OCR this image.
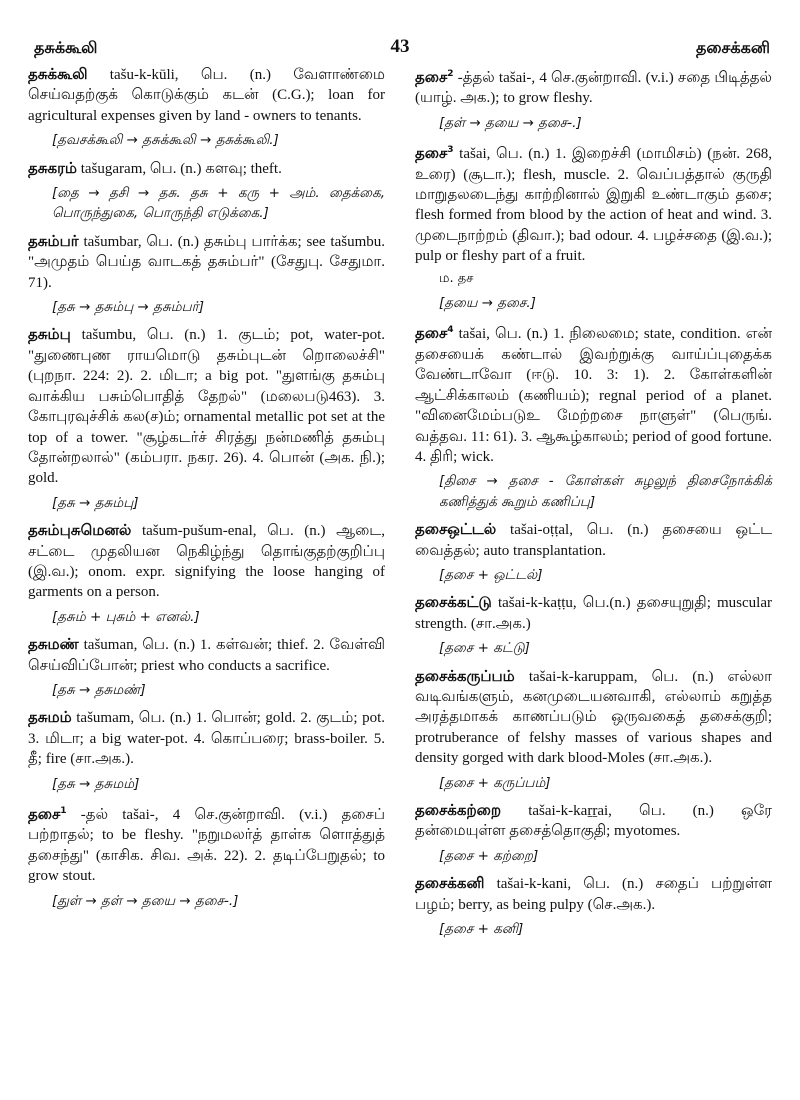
தசுக்கூலி	43	தசைக்கனி
தசுக்கூலி tašu-k-kūli, பெ. (n.) வேளாண்மை செய்வதற்குக் கொடுக்கும் கடன் (C.G.); loan for agricultural expenses given by land - owners to tenants.
[தவசக்கூலி → தசுக்கூலி → தசுக்கூலி.]
தசுகரம் tašugaram, பெ. (n.) களவு; theft.
[தை → தசி → தசு. தசு + கரு + அம். தைக்கை, பொருந்துகை, பொருந்தி எடுக்கை.]
தசும்பர் tašumbar, பெ. (n.) தசும்பு பார்க்க; see tašumbu. "அமுதம் பெய்த வாடகத் தசும்பர்" (சேதுபு. சேதுமா. 71).
[தசு → தசும்பு → தசும்பர்]
தசும்பு tašumbu, பெ. (n.) 1. குடம்; pot, water-pot. "துணைபுண ராயமொடு தசும்புடன் றொலைச்சி" (புறநா. 224: 2). 2. மிடா; a big pot. "துளங்கு தசும்பு வாக்கிய பசும்பொதித் தேறல்" (மலைபடு463). 3. கோபுரவுச்சிக் கல(ச)ம்; ornamental metallic pot set at the top of a tower. "சூழ்கடர்ச் சிரத்து நன்மணித் தசும்பு தோன்றலால்" (கம்பரா. நகர. 26). 4. பொன் (அக. நி.); gold.
[தசு → தசும்பு]
தசும்புசுமெனல் tašum-pušum-enal, பெ. (n.) ஆடை, சட்டை முதலியன நெகிழ்ந்து தொங்குதற்குறிப்பு (இ.வ.); onom. expr. signifying the loose hanging of garments on a person.
[தசும் + புசும் + எனல்.]
தசுமண் tašuman, பெ. (n.) 1. கள்வன்; thief. 2. வேள்வி செய்விப்போன்; priest who conducts a sacrifice.
[தசு → தசுமண்]
தசுமம் tašumam, பெ. (n.) 1. பொன்; gold. 2. குடம்; pot. 3. மிடா; a big water-pot. 4. கொப்பரை; brass-boiler. 5. தீ; fire (சா.அக.).
[தசு → தசுமம்]
தசை$^1$ -தல் tašai-, 4 செ.குன்றாவி. (v.i.) தசைப் பற்றாதல்; to be fleshy. "நறுமலர்த் தாள்க ளொத்துத் தசைந்து" (காசிக. சிவ. அக். 22). 2. தடிப்பேறுதல்; to grow stout.
[துள் → தள் → தயை → தசை-.]
தசை$^2$ -த்தல் tašai-, 4 செ.குன்றாவி. (v.i.) சதை பிடித்தல் (யாழ். அக.); to grow fleshy.
[தள் → தயை → தசை-.]
தசை$^3$ tašai, பெ. (n.) 1. இறைச்சி (மாமிசம்) (நன். 268, உரை) (சூடா.); flesh, muscle. 2. வெப்பத்தால் குருதி மாறுதலடைந்து காற்றினால் இறுகி உண்டாகும் தசை; flesh formed from blood by the action of heat and wind. 3. முடைநாற்றம் (திவா.); bad odour. 4. பழச்சதை (இ.வ.); pulp or fleshy part of a fruit.
ம. தச
[தயை → தசை.]
தசை$^4$ tašai, பெ. (n.) 1. நிலைமை; state, condition. என் தசையைக் கண்டால் இவற்றுக்கு வாய்ப்புதைக்க வேண்டாவோ (ஈடு. 10. 3: 1). 2. கோள்களின் ஆட்சிக்காலம் (கணியம்); regnal period of a planet. "வினைமேம்படுஉ மேற்றசை நாளுள்" (பெருங். வத்தவ. 11: 61). 3. ஆகூழ்காலம்; period of good fortune. 4. திரி; wick.
[திசை → தசை - கோள்கள் சுழலுந் திசைநோக்கிக் கணித்துக் கூறும் கணிப்பு]
தசைஒட்டல் tašai-oṭṭal, பெ. (n.) தசையை ஒட்ட வைத்தல்; auto transplantation.
[தசை + ஒட்டல்]
தசைக்கட்டு tašai-k-kaṭṭu, பெ.(n.) தசையுறுதி; muscular strength. (சா.அக.)
[தசை + கட்டு]
தசைக்கருப்பம் tašai-k-karuppam, பெ. (n.) எல்லா வடிவங்களும், கனமுடையனவாகி, எல்லாம் கறுத்த அரத்தமாகக் காணப்படும் ஒருவகைத் தசைக்குறி; protruberance of felshy masses of various shapes and density gorged with dark blood-Moles (சா.அக.).
[தசை + கருப்பம்]
தசைக்கற்றை tašai-k-kaṟṟai, பெ. (n.) ஒரே தன்மையுள்ள தசைத்தொகுதி; myotomes.
[தசை + கற்றை]
தசைக்கனி tašai-k-kani, பெ. (n.) சதைப் பற்றுள்ள பழம்; berry, as being pulpy (செ.அக.).
[தசை + கனி]
